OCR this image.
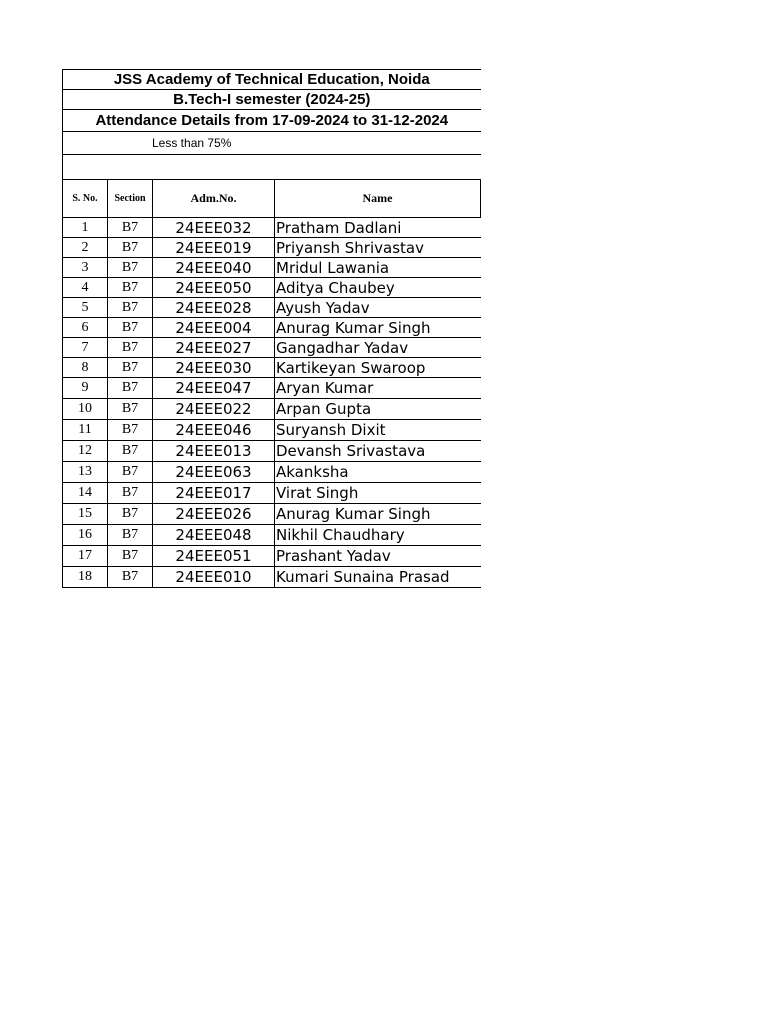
JSS Academy of Technical Education, Noida			
B.Tech-I semester (2024-25)			
Attendance Details from 17-09-2024 to 31-12-2024			
Less than 75%			

S. No.	Section	Adm.No.	Name
1	B7	24EEE032	Pratham Dadlani
2	B7	24EEE019	Priyansh Shrivastav
3	B7	24EEE040	Mridul Lawania
4	B7	24EEE050	Aditya Chaubey
5	B7	24EEE028	Ayush Yadav
6	B7	24EEE004	Anurag Kumar Singh
7	B7	24EEE027	Gangadhar Yadav
8	B7	24EEE030	Kartikeyan Swaroop
9	B7	24EEE047	Aryan Kumar
10	B7	24EEE022	Arpan Gupta
11	B7	24EEE046	Suryansh Dixit
12	B7	24EEE013	Devansh Srivastava
13	B7	24EEE063	Akanksha
14	B7	24EEE017	Virat Singh
15	B7	24EEE026	Anurag Kumar Singh
16	B7	24EEE048	Nikhil Chaudhary
17	B7	24EEE051	Prashant Yadav
18	B7	24EEE010	Kumari Sunaina Prasad
